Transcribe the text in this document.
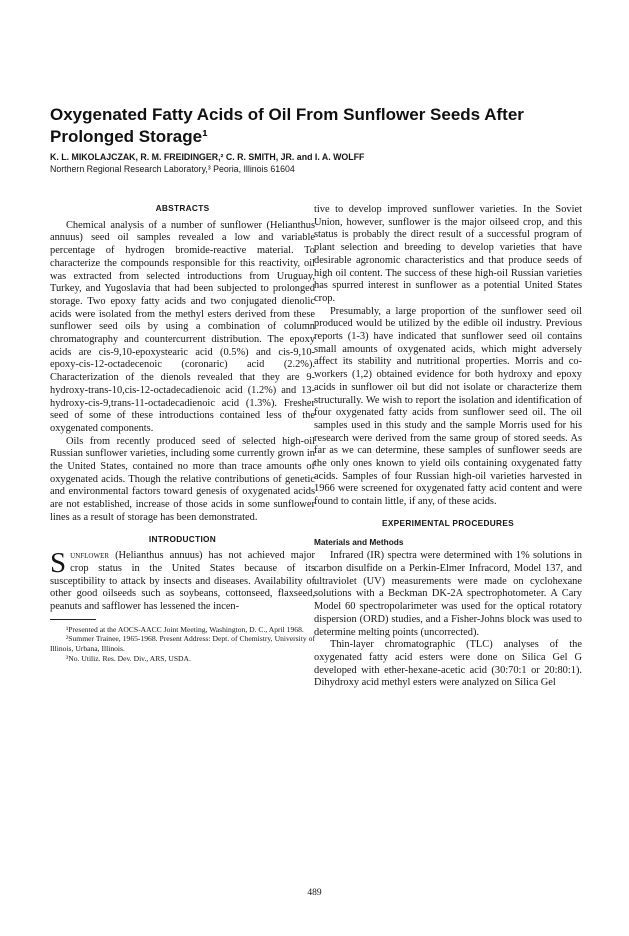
Oxygenated Fatty Acids of Oil From Sunflower Seeds After Prolonged Storage¹
K. L. MIKOLAJCZAK, R. M. FREIDINGER,² C. R. SMITH, JR. and I. A. WOLFF
Northern Regional Research Laboratory,³ Peoria, Illinois 61604
ABSTRACTS

Chemical analysis of a number of sunflower (Helianthus annuus) seed oil samples revealed a low and variable percentage of hydrogen bromide-reactive material. To characterize the compounds responsible for this reactivity, oil was extracted from selected introductions from Uruguay, Turkey, and Yugoslavia that had been subjected to prolonged storage. Two epoxy fatty acids and two conjugated dienolic acids were isolated from the methyl esters derived from these sunflower seed oils by using a combination of column chromatography and countercurrent distribution. The epoxy acids are cis-9,10-epoxystearic acid (0.5%) and cis-9,10-epoxy-cis-12-octadecenoic (coronaric) acid (2.2%). Characterization of the dienols revealed that they are 9-hydroxy-trans-10,cis-12-octadecadienoic acid (1.2%) and 13-hydroxy-cis-9,trans-11-octadecadienoic acid (1.3%). Fresher seed of some of these introductions contained less of the oxygenated components.

Oils from recently produced seed of selected high-oil Russian sunflower varieties, including some currently grown in the United States, contained no more than trace amounts of oxygenated acids. Though the relative contributions of genetic and environmental factors toward genesis of oxygenated acids are not established, increase of those acids in some sunflower lines as a result of storage has been demonstrated.

INTRODUCTION

Sunflower (Helianthus annuus) has not achieved major crop status in the United States because of its susceptibility to attack by insects and diseases. Availability of other good oilseeds such as soybeans, cottonseed, flaxseed, peanuts and safflower has lessened the incen-

¹Presented at the AOCS-AACC Joint Meeting, Washington, D. C., April 1968.

²Summer Trainee, 1965-1968. Present Address: Dept. of Chemistry, University of Illinois, Urbana, Illinois.

³No. Utiliz. Res. Dev. Div., ARS, USDA.

tive to develop improved sunflower varieties. In the Soviet Union, however, sunflower is the major oilseed crop, and this status is probably the direct result of a successful program of plant selection and breeding to develop varieties that have desirable agronomic characteristics and that produce seeds of high oil content. The success of these high-oil Russian varieties has spurred interest in sunflower as a potential United States crop.

Presumably, a large proportion of the sunflower seed oil produced would be utilized by the edible oil industry. Previous reports (1-3) have indicated that sunflower seed oil contains small amounts of oxygenated acids, which might adversely affect its stability and nutritional properties. Morris and co-workers (1,2) obtained evidence for both hydroxy and epoxy acids in sunflower oil but did not isolate or characterize them structurally. We wish to report the isolation and identification of four oxygenated fatty acids from sunflower seed oil. The oil samples used in this study and the sample Morris used for his research were derived from the same group of stored seeds. As far as we can determine, these samples of sunflower seeds are the only ones known to yield oils containing oxygenated fatty acids. Samples of four Russian high-oil varieties harvested in 1966 were screened for oxygenated fatty acid content and were found to contain little, if any, of these acids.

EXPERIMENTAL PROCEDURES
Materials and Methods

Infrared (IR) spectra were determined with 1% solutions in carbon disulfide on a Perkin-Elmer Infracord, Model 137, and ultraviolet (UV) measurements were made on cyclohexane solutions with a Beckman DK-2A spectrophotometer. A Cary Model 60 spectropolarimeter was used for the optical rotatory dispersion (ORD) studies, and a Fisher-Johns block was used to determine melting points (uncorrected).

Thin-layer chromatographic (TLC) analyses of the oxygenated fatty acid esters were done on Silica Gel G developed with ether-hexane-acetic acid (30:70:1 or 20:80:1). Dihydroxy acid methyl esters were analyzed on Silica Gel

489
